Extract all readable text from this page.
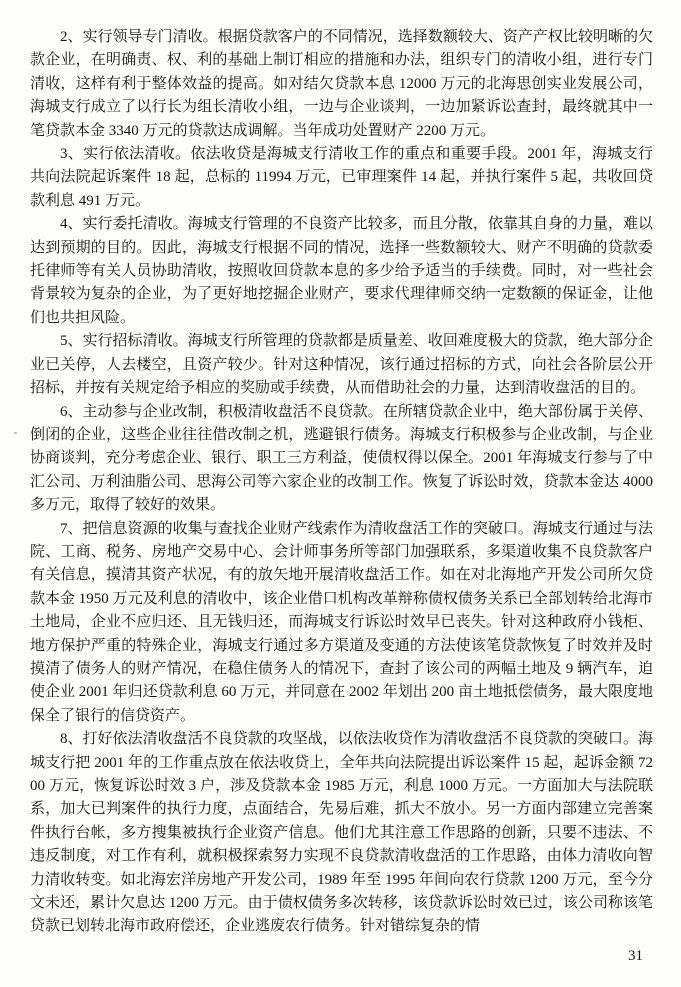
2、实行领导专门清收。根据贷款客户的不同情况，选择数额较大、资产产权比较明晰的欠款企业，在明确责、权、利的基础上制订相应的措施和办法，组织专门的清收小组，进行专门清收，这样有利于整体效益的提高。如对结欠贷款本息 12000 万元的北海思创实业发展公司，海城支行成立了以行长为组长清收小组，一边与企业谈判，一边加紧诉讼查封，最终就其中一笔贷款本金 3340 万元的贷款达成调解。当年成功处置财产 2200 万元。

3、实行依法清收。依法收贷是海城支行清收工作的重点和重要手段。2001 年，海城支行共向法院起诉案件 18 起，总标的 11994 万元，已审理案件 14 起，并执行案件 5 起，共收回贷款利息 491 万元。

4、实行委托清收。海城支行管理的不良资产比较多，而且分散，依靠其自身的力量，难以达到预期的目的。因此，海城支行根据不同的情况，选择一些数额较大、财产不明确的贷款委托律师等有关人员协助清收，按照收回贷款本息的多少给予适当的手续费。同时，对一些社会背景较为复杂的企业，为了更好地挖掘企业财产，要求代理律师交纳一定数额的保证金，让他们也共担风险。

5、实行招标清收。海城支行所管理的贷款都是质量差、收回难度极大的贷款，绝大部分企业已关停，人去楼空，且资产较少。针对这种情况，该行通过招标的方式，向社会各阶层公开招标，并按有关规定给予相应的奖励或手续费，从而借助社会的力量，达到清收盘活的目的。

6、主动参与企业改制，积极清收盘活不良贷款。在所辖贷款企业中，绝大部份属于关停、倒闭的企业，这些企业往往借改制之机，逃避银行债务。海城支行积极参与企业改制，与企业协商谈判，充分考虑企业、银行、职工三方利益，使债权得以保全。2001 年海城支行参与了中汇公司、万利油脂公司、思海公司等六家企业的改制工作。恢复了诉讼时效，贷款本金达 4000 多万元，取得了较好的效果。

7、把信息资源的收集与查找企业财产线索作为清收盘活工作的突破口。海城支行通过与法院、工商、税务、房地产交易中心、会计师事务所等部门加强联系，多渠道收集不良贷款客户有关信息，摸清其资产状况，有的放矢地开展清收盘活工作。如在对北海地产开发公司所欠贷款本金 1950 万元及利息的清收中，该企业借口机构改革辩称债权债务关系已全部划转给北海市土地局，企业不应归还、且无钱归还，而海城支行诉讼时效早已丧失。针对这种政府小钱柜、地方保护严重的特殊企业，海城支行通过多方渠道及变通的方法使该笔贷款恢复了时效并及时摸清了债务人的财产情况，在稳住债务人的情况下，查封了该公司的两幅土地及 9 辆汽车，迫使企业 2001 年归还贷款利息 60 万元，并同意在 2002 年划出 200 亩土地抵偿债务，最大限度地保全了银行的信贷资产。

8、打好依法清收盘活不良贷款的攻坚战，以依法收贷作为清收盘活不良贷款的突破口。海城支行把 2001 年的工作重点放在依法收贷上，全年共向法院提出诉讼案件 15 起，起诉金额 7200 万元，恢复诉讼时效 3 户，涉及贷款本金 1985 万元，利息 1000 万元。一方面加大与法院联系，加大已判案件的执行力度，点面结合，先易后难，抓大不放小。另一方面内部建立完善案件执行台帐，多方搜集被执行企业资产信息。他们尤其注意工作思路的创新，只要不违法、不违反制度，对工作有利，就积极探索努力实现不良贷款清收盘活的工作思路，由体力清收向智力清收转变。如北海宏洋房地产开发公司，1989 年至 1995 年间向农行贷款 1200 万元，至今分文未还，累计欠息达 1200 万元。由于债权债务多次转移，该贷款诉讼时效已过，该公司称该笔贷款已划转北海市政府偿还，企业逃废农行债务。针对错综复杂的情

31
